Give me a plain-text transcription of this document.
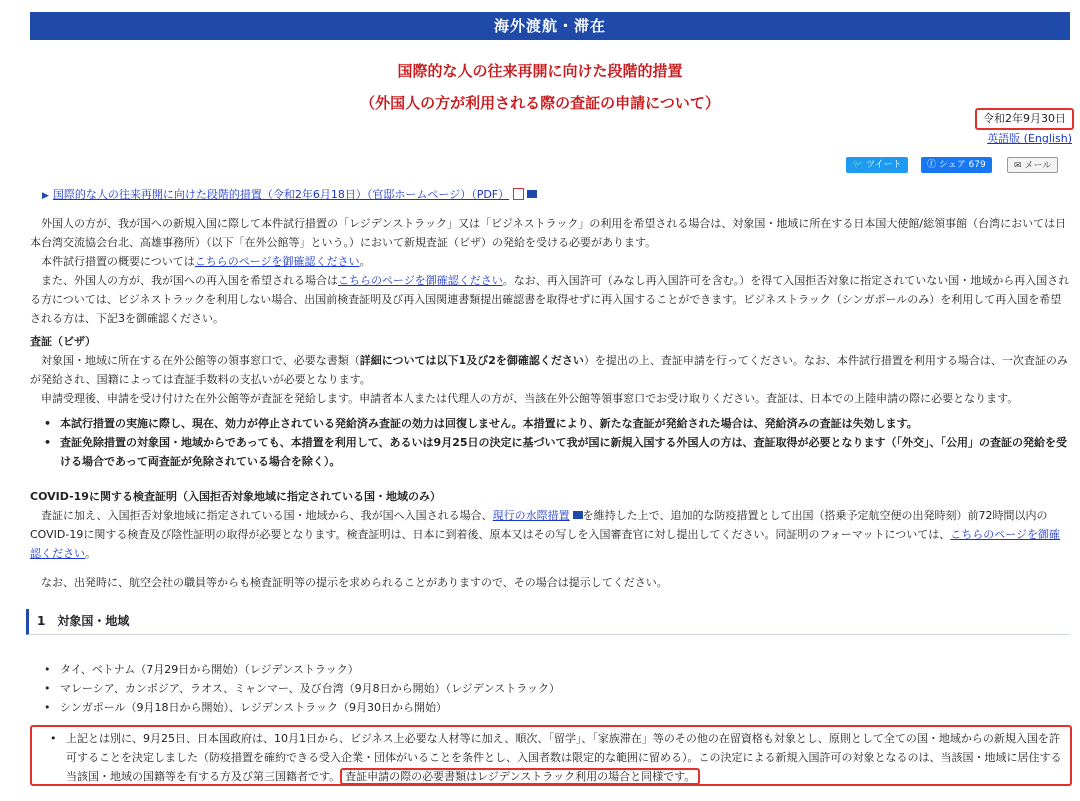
海外渡航・滞在
国際的な人の往来再開に向けた段階的措置
（外国人の方が利用される際の査証の申請について）
令和2年9月30日
英語版 (English)
🐦 ツイート	ⓕ シェア 679	✉ メール
▶ 国際的な人の往来再開に向けた段階的措置（令和2年6月18日）（官邸ホームページ）（PDF）

外国人の方が、我が国への新規入国に際して本件試行措置の「レジデンストラック」又は「ビジネストラック」の利用を希望される場合は、対象国・地域に所在する日本国大使館/総領事館（台湾においては日本台湾交流協会台北、高雄事務所）（以下「在外公館等」という。）において新規査証（ビザ）の発給を受ける必要があります。

本件試行措置の概要についてはこちらのページを御確認ください。

また、外国人の方が、我が国への再入国を希望される場合はこちらのページを御確認ください。なお、再入国許可（みなし再入国許可を含む。）を得て入国拒否対象に指定されていない国・地域から再入国される方については、ビジネストラックを利用しない場合、出国前検査証明及び再入国関連書類提出確認書を取得せずに再入国することができます。ビジネストラック（シンガポールのみ）を利用して再入国を希望される方は、下記3を御確認ください。

査証（ビザ）

対象国・地域に所在する在外公館等の領事窓口で、必要な書類（詳細については以下1及び2を御確認ください）を提出の上、査証申請を行ってください。なお、本件試行措置を利用する場合は、一次査証のみが発給され、国籍によっては査証手数料の支払いが必要となります。

申請受理後、申請を受け付けた在外公館等が査証を発給します。申請者本人または代理人の方が、当該在外公館等領事窓口でお受け取りください。査証は、日本での上陸申請の際に必要となります。

• 本試行措置の実施に際し、現在、効力が停止されている発給済み査証の効力は回復しません。本措置により、新たな査証が発給された場合は、発給済みの査証は失効します。
• 査証免除措置の対象国・地域からであっても、本措置を利用して、あるいは9月25日の決定に基づいて我が国に新規入国する外国人の方は、査証取得が必要となります（「外交」、「公用」の査証の発給を受ける場合であって両査証が免除されている場合を除く）。
COVID-19に関する検査証明（入国拒否対象地域に指定されている国・地域のみ）

査証に加え、入国拒否対象地域に指定されている国・地域から、我が国へ入国される場合、現行の水際措置 を維持した上で、追加的な防疫措置として出国（搭乗予定航空便の出発時刻）前72時間以内のCOVID-19に関する検査及び陰性証明の取得が必要となります。検査証明は、日本に到着後、原本又はその写しを入国審査官に対し提出してください。同証明のフォーマットについては、こちらのページを御確認ください。

なお、出発時に、航空会社の職員等からも検査証明等の提示を求められることがありますので、その場合は提示してください。

1　対象国・地域
• タイ、ベトナム（7月29日から開始）（レジデンストラック）
• マレーシア、カンボジア、ラオス、ミャンマー、及び台湾（9月8日から開始）（レジデンストラック）
• シンガポール（9月18日から開始）、レジデンストラック（9月30日から開始）
• 上記とは別に、9月25日、日本国政府は、10月1日から、ビジネス上必要な人材等に加え、順次、「留学」、「家族滞在」等のその他の在留資格も対象とし、原則として全ての国・地域からの新規入国を許可することを決定しました（防疫措置を確約できる受入企業・団体がいることを条件とし、入国者数は限定的な範囲に留める）。この決定による新規入国許可の対象となるのは、当該国・地域に居住する当該国・地域の国籍等を有する方及び第三国籍者です。 査証申請の際の必要書類はレジデンストラック利用の場合と同様です。
